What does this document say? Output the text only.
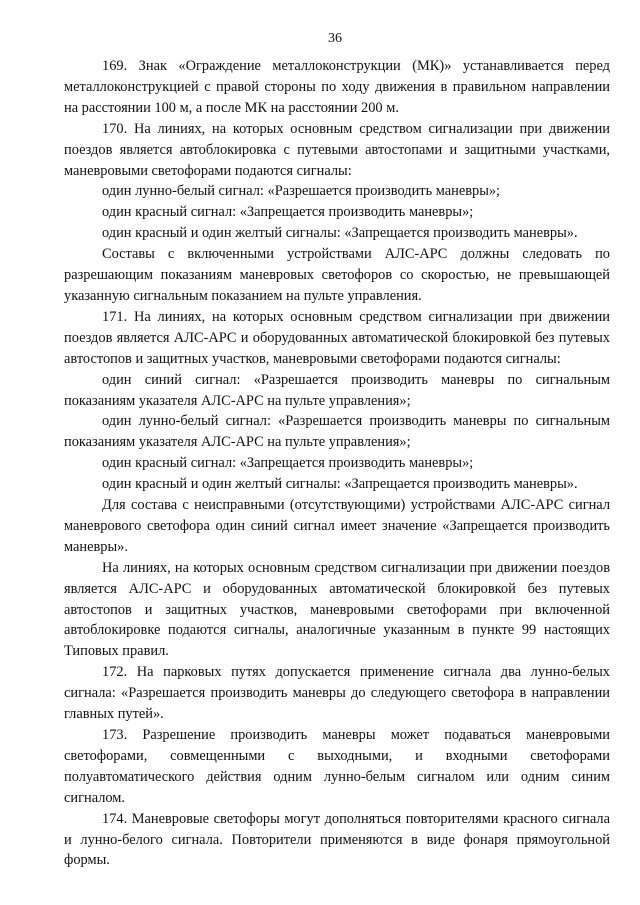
36

169. Знак «Ограждение металлоконструкции (МК)» устанавливается перед металлоконструкцией с правой стороны по ходу движения в правильном направлении на расстоянии 100 м, а после МК на расстоянии 200 м.

170. На линиях, на которых основным средством сигнализации при движении поездов является автоблокировка с путевыми автостопами и защитными участками, маневровыми светофорами подаются сигналы:

один лунно-белый сигнал: «Разрешается производить маневры»;

один красный сигнал: «Запрещается производить маневры»;

один красный и один желтый сигналы: «Запрещается производить маневры».

Составы с включенными устройствами АЛС-АРС должны следовать по разрешающим показаниям маневровых светофоров со скоростью, не превышающей указанную сигнальным показанием на пульте управления.

171. На линиях, на которых основным средством сигнализации при движении поездов является АЛС-АРС и оборудованных автоматической блокировкой без путевых автостопов и защитных участков, маневровыми светофорами подаются сигналы:

один синий сигнал: «Разрешается производить маневры по сигнальным показаниям указателя АЛС-АРС на пульте управления»;

один лунно-белый сигнал: «Разрешается производить маневры по сигнальным показаниям указателя АЛС-АРС на пульте управления»;

один красный сигнал: «Запрещается производить маневры»;

один красный и один желтый сигналы: «Запрещается производить маневры».

Для состава с неисправными (отсутствующими) устройствами АЛС-АРС сигнал маневрового светофора один синий сигнал имеет значение «Запрещается производить маневры».

На линиях, на которых основным средством сигнализации при движении поездов является АЛС-АРС и оборудованных автоматической блокировкой без путевых автостопов и защитных участков, маневровыми светофорами при включенной автоблокировке подаются сигналы, аналогичные указанным в пункте 99 настоящих Типовых правил.

172. На парковых путях допускается применение сигнала два лунно-белых сигнала: «Разрешается производить маневры до следующего светофора в направлении главных путей».

173. Разрешение производить маневры может подаваться маневровыми светофорами, совмещенными с выходными, и входными светофорами полуавтоматического действия одним лунно-белым сигналом или одним синим сигналом.

174. Маневровые светофоры могут дополняться повторителями красного сигнала и лунно-белого сигнала. Повторители применяются в виде фонаря прямоугольной формы.
